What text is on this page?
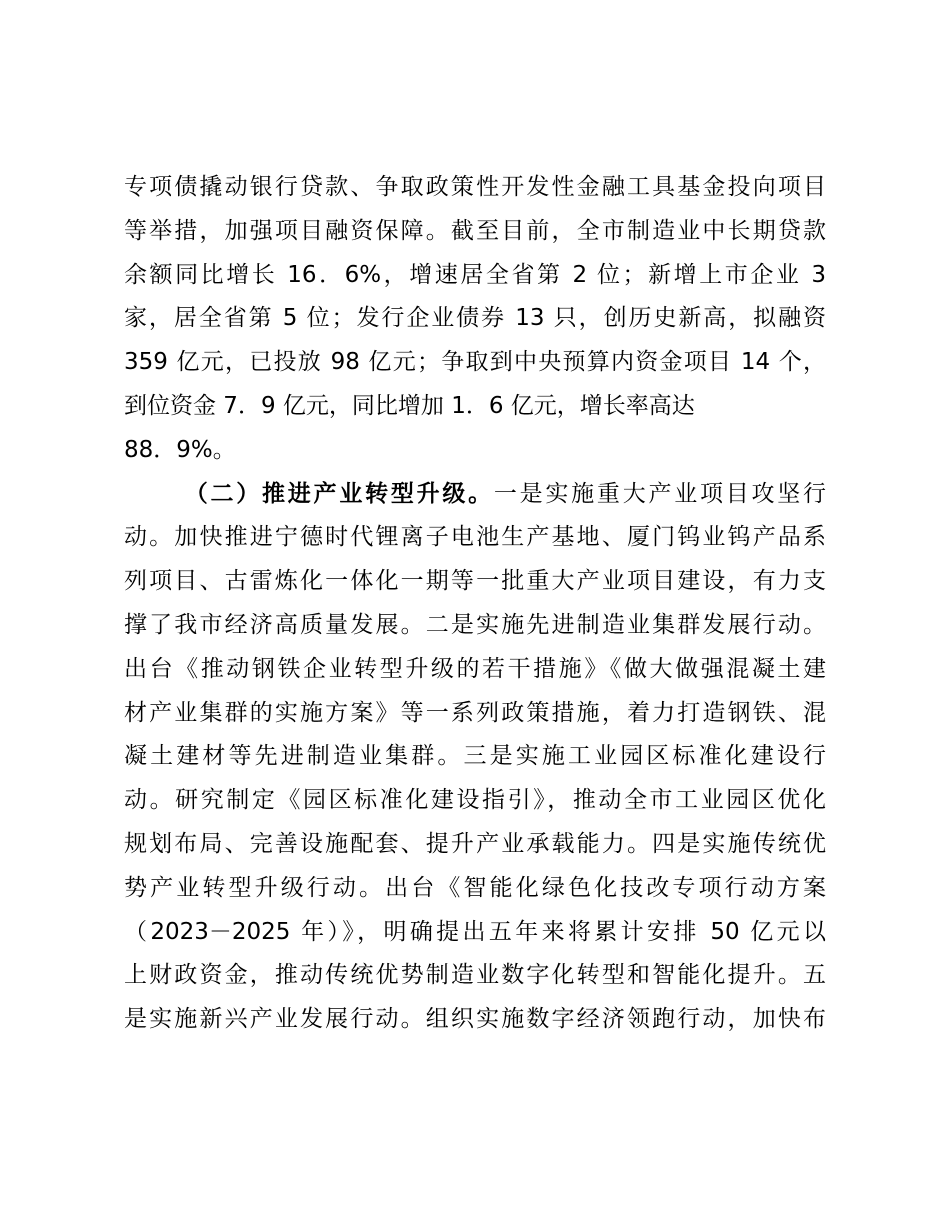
专项债撬动银行贷款、争取政策性开发性金融工具基金投向项目
等举措，加强项目融资保障。截至目前，全市制造业中长期贷款
余额同比增长 16．6%，增速居全省第 2 位；新增上市企业 3
家，居全省第 5 位；发行企业债券 13 只，创历史新高，拟融资
359 亿元，已投放 98 亿元；争取到中央预算内资金项目 14 个，
到位资金 7．9 亿元，同比增加 1．6 亿元，增长率高达
88．9%。
（二）推进产业转型升级。一是实施重大产业项目攻坚行
动。加快推进宁德时代锂离子电池生产基地、厦门钨业钨产品系
列项目、古雷炼化一体化一期等一批重大产业项目建设，有力支
撑了我市经济高质量发展。二是实施先进制造业集群发展行动。
出台《推动钢铁企业转型升级的若干措施》《做大做强混凝土建
材产业集群的实施方案》等一系列政策措施，着力打造钢铁、混
凝土建材等先进制造业集群。三是实施工业园区标准化建设行
动。研究制定《园区标准化建设指引》，推动全市工业园区优化
规划布局、完善设施配套、提升产业承载能力。四是实施传统优
势产业转型升级行动。出台《智能化绿色化技改专项行动方案
（2023－2025 年）》，明确提出五年来将累计安排 50 亿元以
上财政资金，推动传统优势制造业数字化转型和智能化提升。五
是实施新兴产业发展行动。组织实施数字经济领跑行动，加快布
